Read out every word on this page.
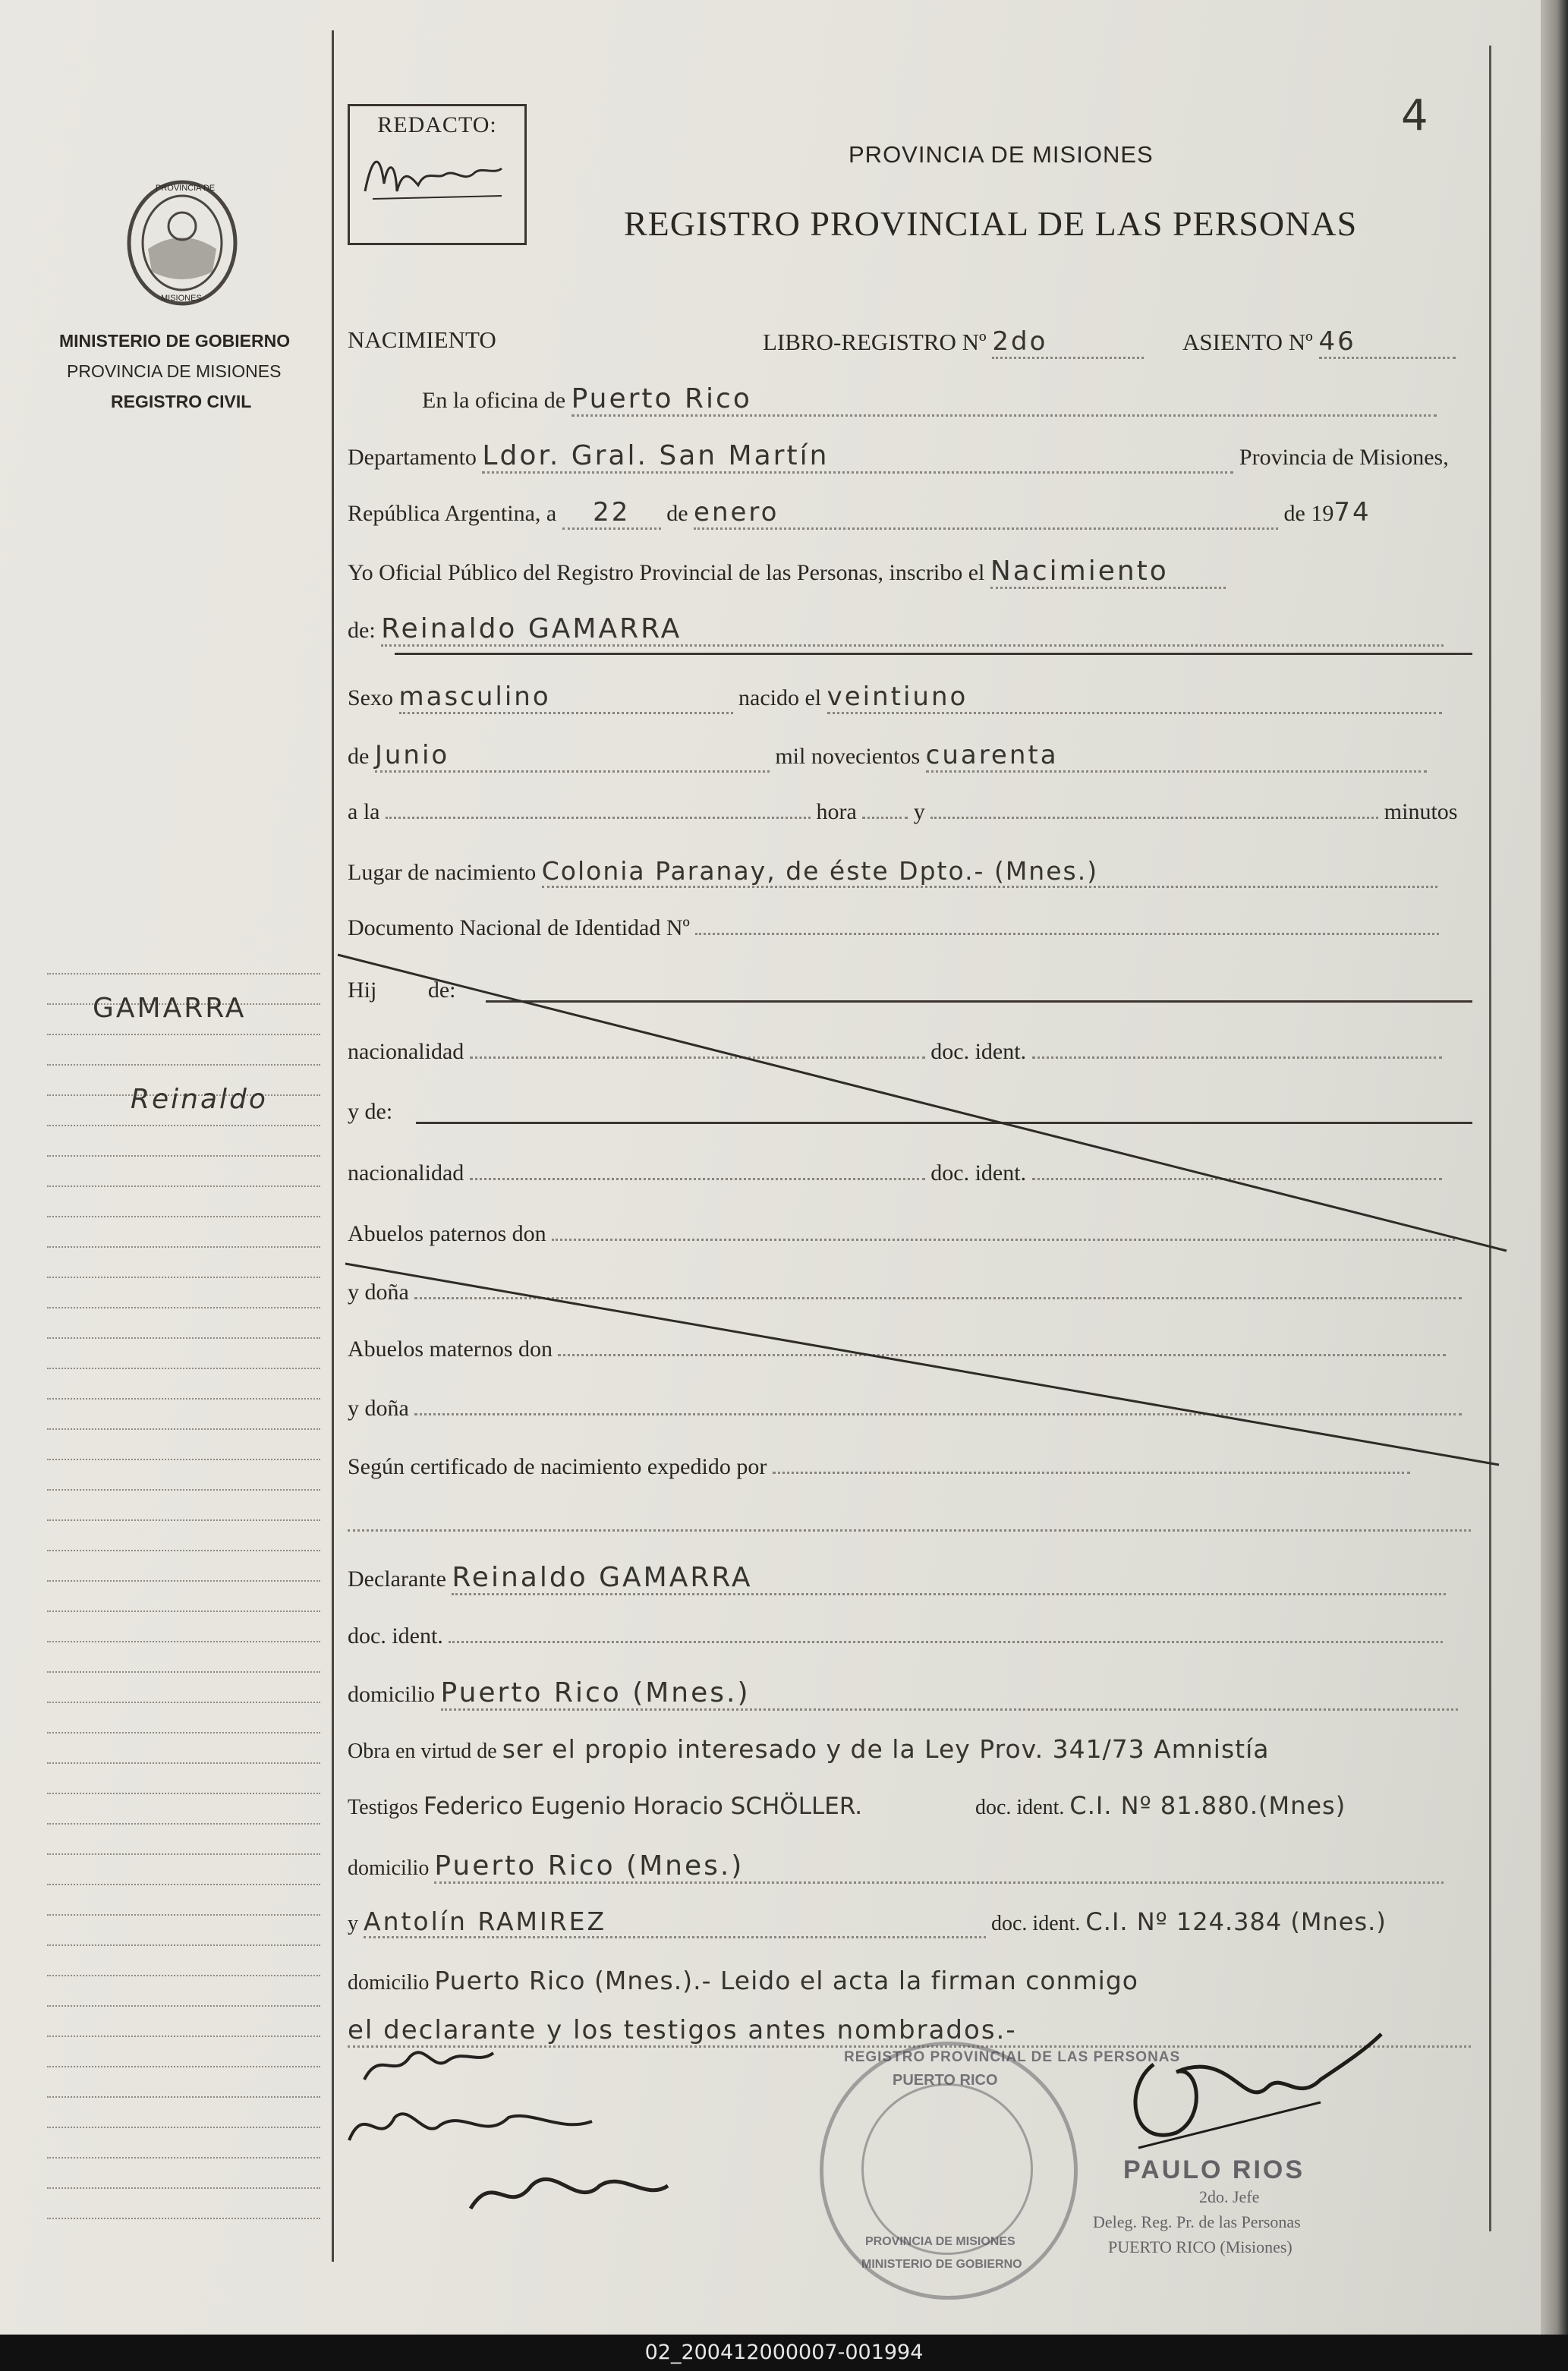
4
REDACTO:
PROVINCIA DE MISIONES
REGISTRO PROVINCIAL DE LAS PERSONAS
PROVINCIA DE
MISIONES
MINISTERIO DE GOBIERNO
PROVINCIA DE MISIONES
REGISTRO CIVIL
GAMARRA
Reinaldo
NACIMIENTO	LIBRO-REGISTRO Nº 2do	ASIENTO Nº 46
En la oficina de Puerto Rico
Departamento Ldor. Gral. San Martín	Provincia de Misiones,
República Argentina, a 22 de enero	de 1974
Yo Oficial Público del Registro Provincial de las Personas, inscribo el Nacimiento
de: Reinaldo GAMARRA
Sexo masculino	nacido el veintiuno
de Junio	mil novecientos cuarenta
a la	hora	y	minutos
Lugar de nacimiento Colonia Paranay, de éste Dpto.- (Mnes.)
Documento Nacional de Identidad Nº
Hij de:
nacionalidad	doc. ident.
y de:
nacionalidad	doc. ident.
Abuelos paternos don
y doña
Abuelos maternos don
y doña
Según certificado de nacimiento expedido por
Declarante Reinaldo GAMARRA
doc. ident.
domicilio Puerto Rico (Mnes.)
Obra en virtud de ser el propio interesado y de la Ley Prov. 341/73 Amnistía
Testigos Federico Eugenio Horacio SCHÖLLER.	doc. ident. C.I. Nº 81.880.(Mnes)
domicilio Puerto Rico (Mnes.)
y Antolín RAMIREZ	doc. ident. C.I. Nº 124.384 (Mnes.)
domicilio Puerto Rico (Mnes.).- Leido el acta la firman conmigo
el declarante y los testigos antes nombrados.-
REGISTRO PROVINCIAL DE LAS PERSONAS
PUERTO RICO
PROVINCIA DE MISIONES
MINISTERIO DE GOBIERNO
PAULO RIOS
2do. Jefe
Deleg. Reg. Pr. de las Personas
PUERTO RICO (Misiones)
02_200412000007-001994
